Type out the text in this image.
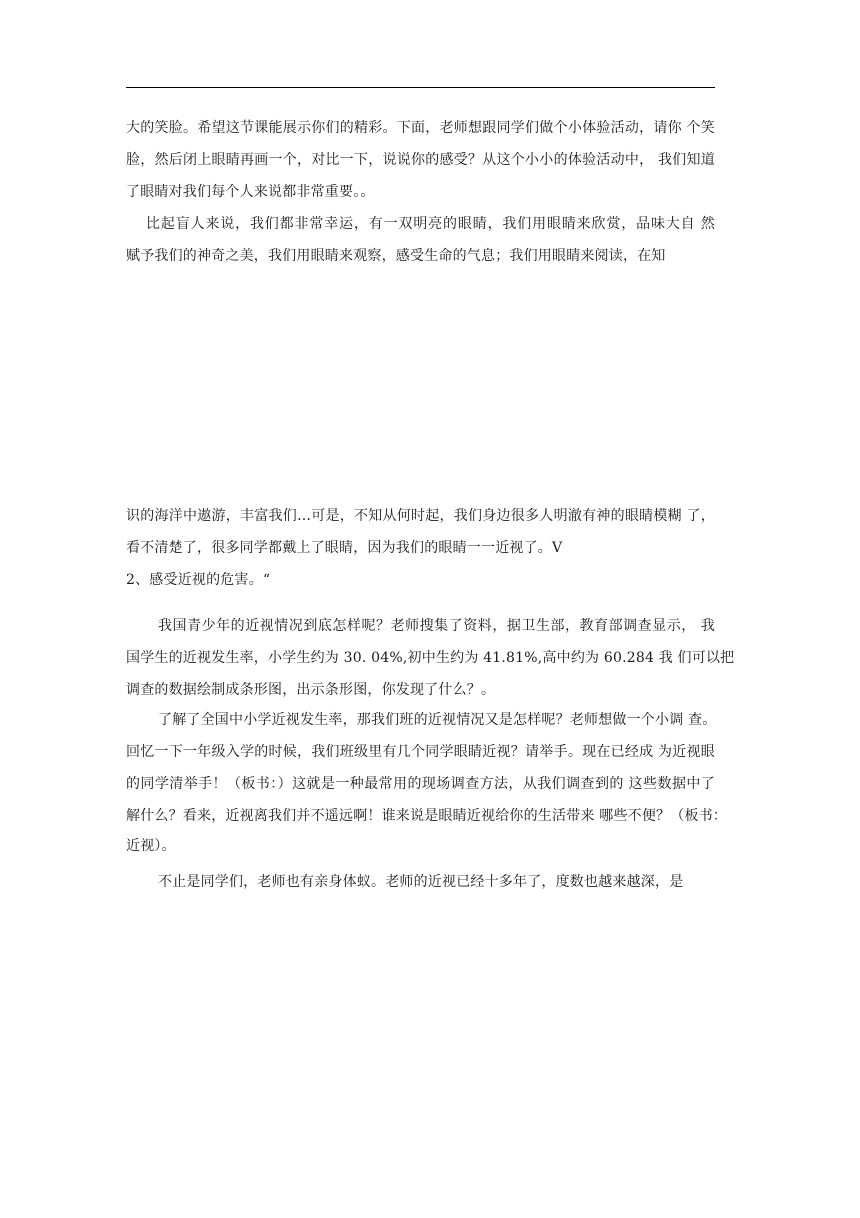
大的笑脸。希望这节课能展示你们的精彩。下面，老师想跟同学们做个小体验活动，请你 个笑
脸，然后闭上眼睛再画一个，对比一下，说说你的感受？从这个小小的体验活动中， 我们知道
了眼睛对我们每个人来说都非常重要。。
比起盲人来说，我们都非常幸运，有一双明亮的眼睛，我们用眼睛来欣赏，品味大自 然
赋予我们的神奇之美，我们用眼睛来观察，感受生命的气息；我们用眼睛来阅读，在知
识的海洋中遨游，丰富我们…可是，不知从何时起，我们身边很多人明澈有神的眼睛模糊 了，
看不清楚了，很多同学都戴上了眼睛，因为我们的眼睛一一近视了。V
2、感受近视的危害。“
我国青少年的近视情况到底怎样呢？老师搜集了资料，据卫生部，教育部调查显示， 我
国学生的近视发生率，小学生约为 30. 04%,初中生约为 41.81%,高中约为 60.284 我 们可以把
调查的数据绘制成条形图，出示条形图，你发现了什么？。
了解了全国中小学近视发生率，那我们班的近视情况又是怎样呢？老师想做一个小调 查。
回忆一下一年级入学的时候，我们班级里有几个同学眼睛近视？请举手。现在已经成 为近视眼
的同学清举手！（板书：）这就是一种最常用的现场调查方法，从我们调查到的 这些数据中了
解什么？看来，近视离我们并不遥远啊！谁来说是眼睛近视给你的生活带来 哪些不便？（板书：
近视）。
不止是同学们，老师也有亲身体蚁。老师的近视已经十多年了，度数也越来越深，是
